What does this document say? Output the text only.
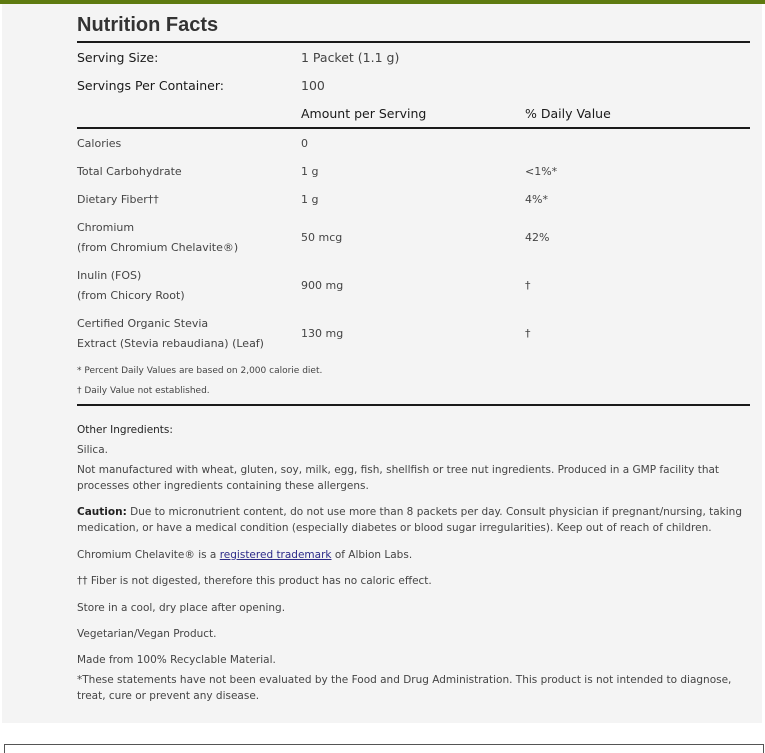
Nutrition Facts
Serving Size:	1 Packet (1.1 g)
Servings Per Container:	100
Amount per Serving	% Daily Value
Calories	0
Total Carbohydrate	1 g	<1%*
Dietary Fiber††	1 g	4%*
Chromium
(from Chromium Chelavite®)
50 mcg	42%
Inulin (FOS)
(from Chicory Root)
900 mg	†
Certified Organic Stevia
Extract (Stevia rebaudiana) (Leaf)
130 mg	†
* Percent Daily Values are based on 2,000 calorie diet.
† Daily Value not established.
Other Ingredients:
Silica.
Not manufactured with wheat, gluten, soy, milk, egg, fish, shellfish or tree nut ingredients. Produced in a GMP facility that processes other ingredients containing these allergens.
Caution: Due to micronutrient content, do not use more than 8 packets per day. Consult physician if pregnant/nursing, taking medication, or have a medical condition (especially diabetes or blood sugar irregularities). Keep out of reach of children.
Chromium Chelavite® is a registered trademark of Albion Labs.
†† Fiber is not digested, therefore this product has no caloric effect.
Store in a cool, dry place after opening.
Vegetarian/Vegan Product.
Made from 100% Recyclable Material.
*These statements have not been evaluated by the Food and Drug Administration. This product is not intended to diagnose, treat, cure or prevent any disease.
